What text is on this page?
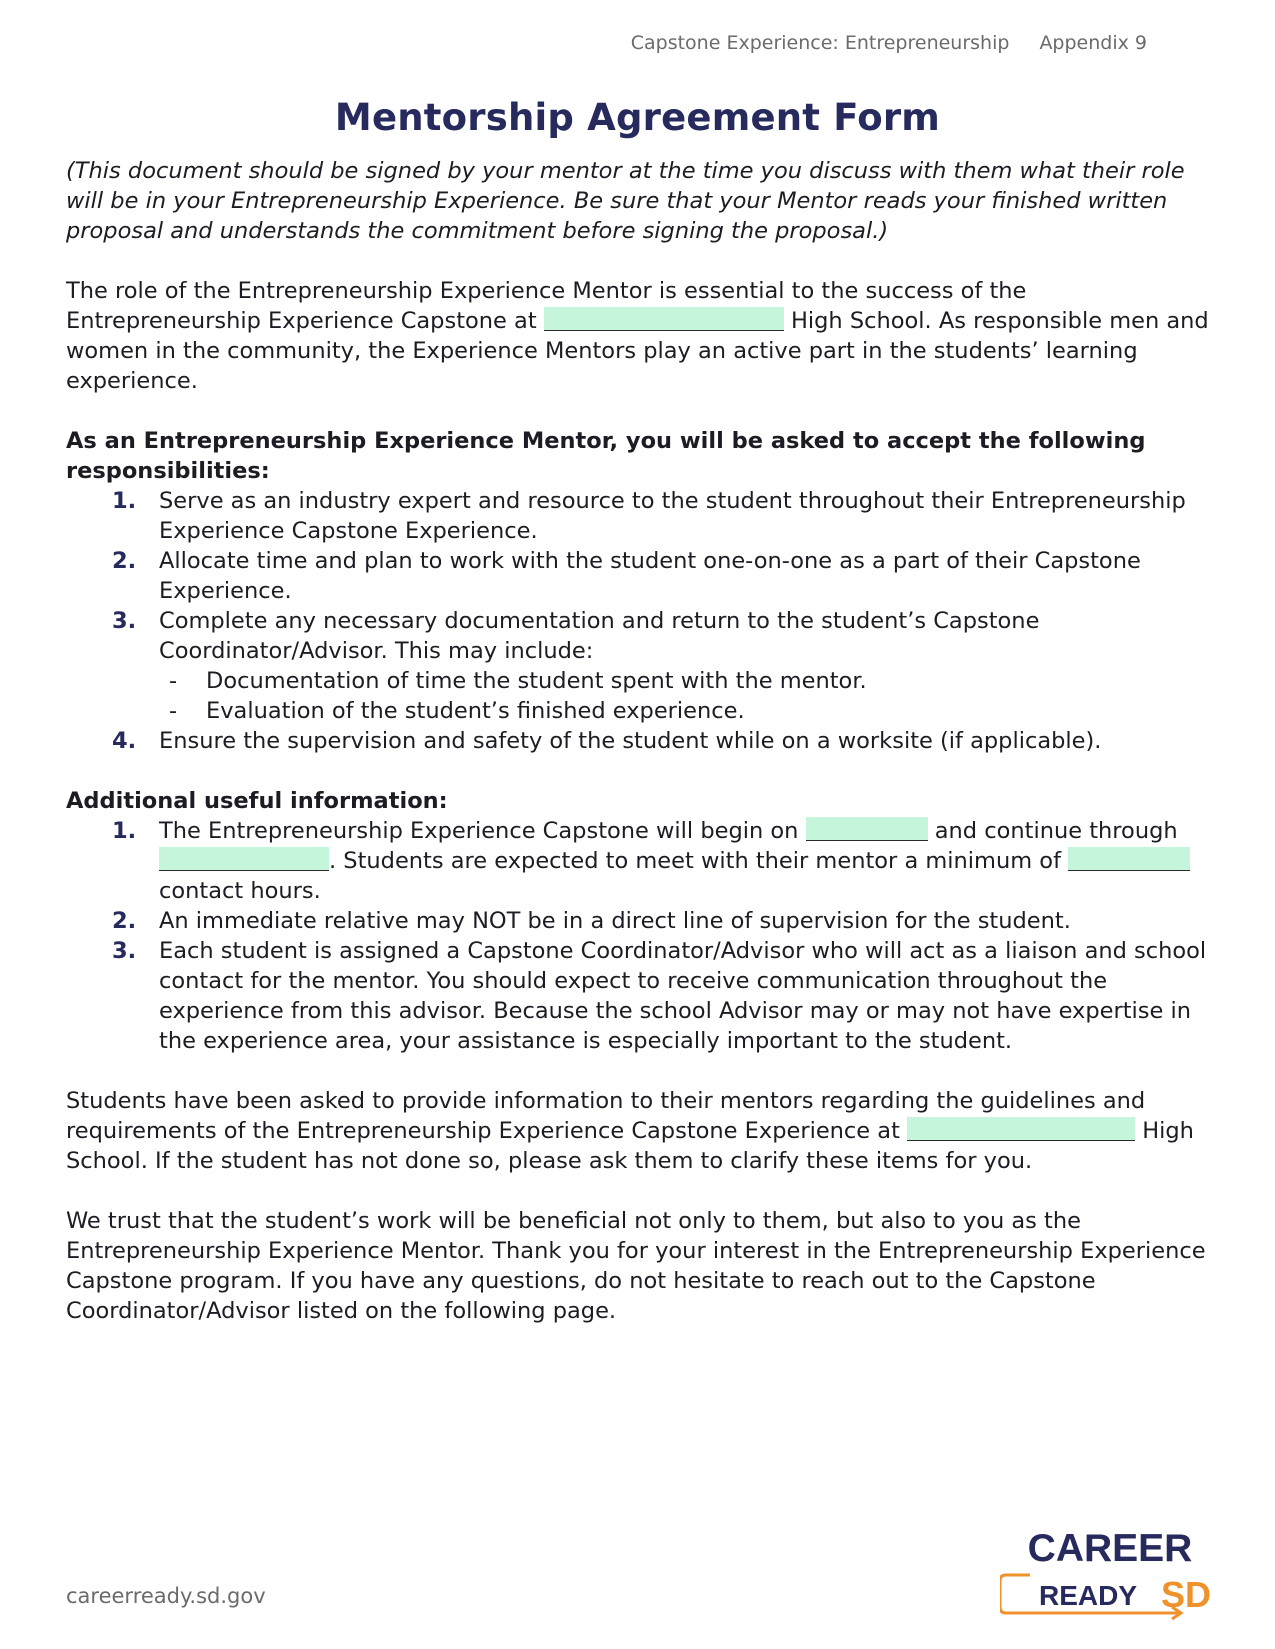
Capstone Experience: Entrepreneurship Appendix 9
Mentorship Agreement Form

(This document should be signed by your mentor at the time you discuss with them what their role will be in your Entrepreneurship Experience. Be sure that your Mentor reads your finished written proposal and understands the commitment before signing the proposal.)

The role of the Entrepreneurship Experience Mentor is essential to the success of the Entrepreneurship Experience Capstone at	High School. As responsible men and women in the community, the Experience Mentors play an active part in the students’ learning experience.

As an Entrepreneurship Experience Mentor, you will be asked to accept the following responsibilities:

1. Serve as an industry expert and resource to the student throughout their Entrepreneurship Experience Capstone Experience.
2. Allocate time and plan to work with the student one-on-one as a part of their Capstone Experience.
3. Complete any necessary documentation and return to the student’s Capstone Coordinator/Advisor. This may include:
- Documentation of time the student spent with the mentor.
- Evaluation of the student’s finished experience.
4. Ensure the supervision and safety of the student while on a worksite (if applicable).

Additional useful information:

1. The Entrepreneurship Experience Capstone will begin on	and continue through . Students are expected to meet with their mentor a minimum of contact hours.
2. An immediate relative may NOT be in a direct line of supervision for the student.
3. Each student is assigned a Capstone Coordinator/Advisor who will act as a liaison and school contact for the mentor. You should expect to receive communication throughout the experience from this advisor. Because the school Advisor may or may not have expertise in the experience area, your assistance is especially important to the student.

Students have been asked to provide information to their mentors regarding the guidelines and requirements of the Entrepreneurship Experience Capstone Experience at	High School. If the student has not done so, please ask them to clarify these items for you.

We trust that the student’s work will be beneficial not only to them, but also to you as the Entrepreneurship Experience Mentor. Thank you for your interest in the Entrepreneurship Experience Capstone program. If you have any questions, do not hesitate to reach out to the Capstone Coordinator/Advisor listed on the following page.

careerready.sd.gov
CAREER
READY SD
